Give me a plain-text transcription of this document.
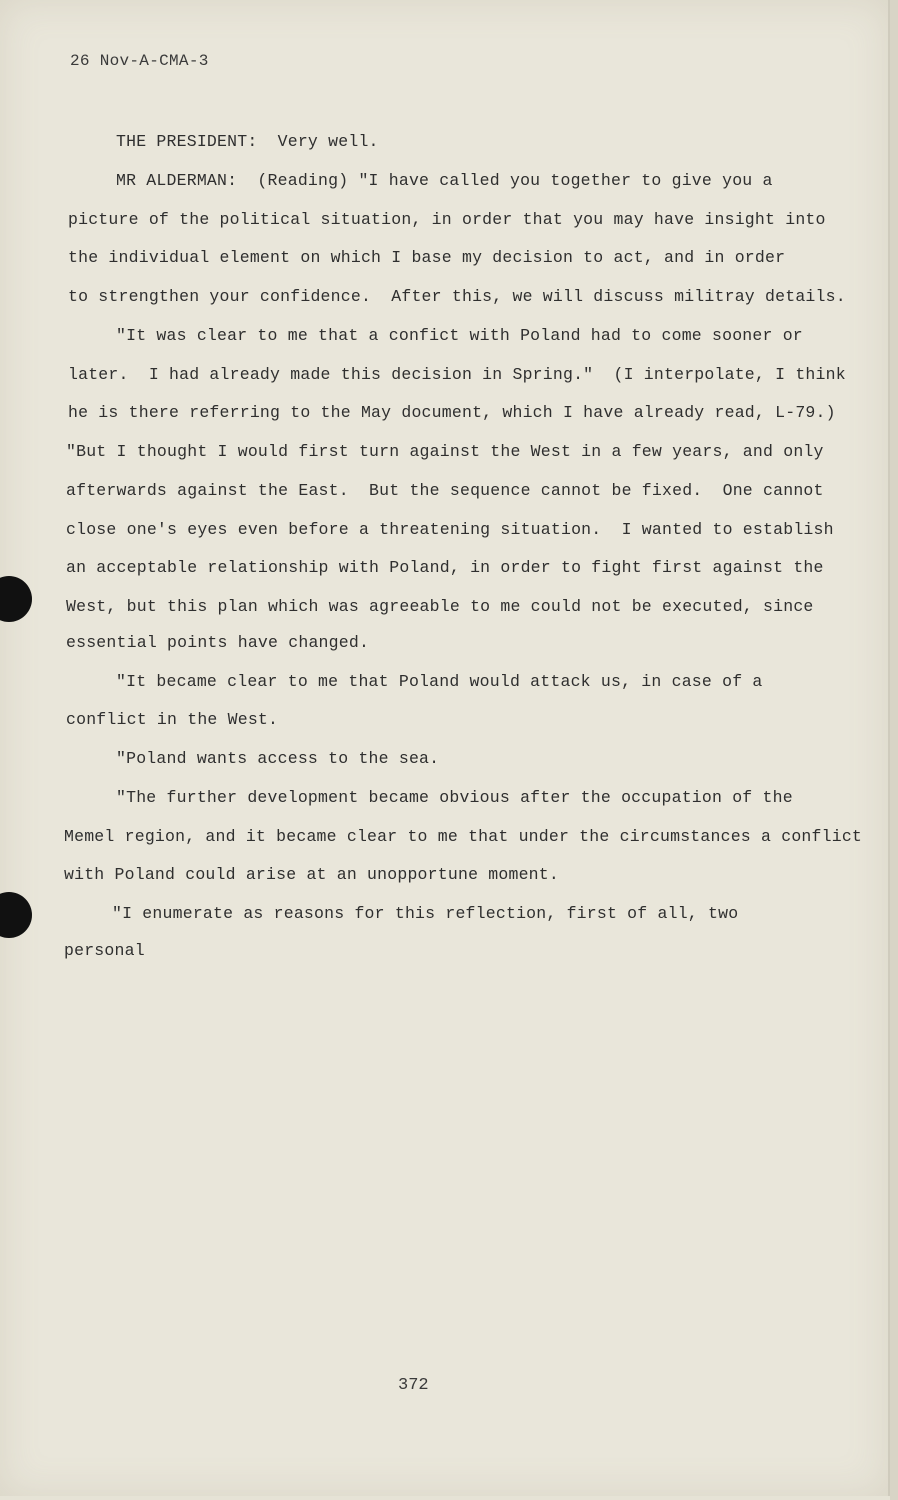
26 Nov-A-CMA-3
THE PRESIDENT:  Very well.
MR ALDERMAN:  (Reading) "I have called you together to give you a
picture of the political situation, in order that you may have insight into
the individual element on which I base my decision to act, and in order
to strengthen your confidence.  After this, we will discuss militray details.
"It was clear to me that a confict with Poland had to come sooner or
later.  I had already made this decision in Spring."  (I interpolate, I think
he is there referring to the May document, which I have already read, L-79.)
"But I thought I would first turn against the West in a few years, and only
afterwards against the East.  But the sequence cannot be fixed.  One cannot
close one's eyes even before a threatening situation.  I wanted to establish
an acceptable relationship with Poland, in order to fight first against the
West, but this plan which was agreeable to me could not be executed, since
essential points have changed.
"It became clear to me that Poland would attack us, in case of a
conflict in the West.
"Poland wants access to the sea.
"The further development became obvious after the occupation of the
Memel region, and it became clear to me that under the circumstances a conflict
with Poland could arise at an unopportune moment.
"I enumerate as reasons for this reflection, first of all, two
personal
372
